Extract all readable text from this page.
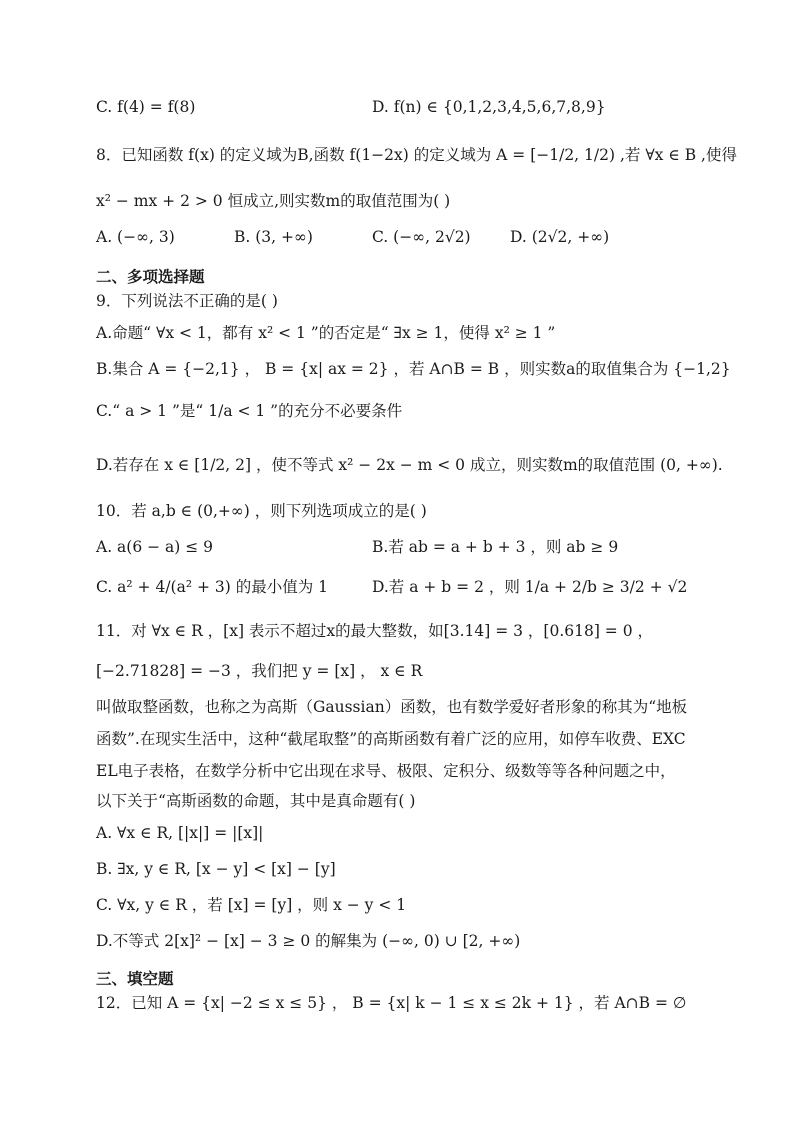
C. f(4) = f(8)	D. f(n) ∈ {0,1,2,3,4,5,6,7,8,9}
8．已知函数 f(x) 的定义域为B,函数 f(1−2x) 的定义域为 A = [−1/2, 1/2) ,若 ∀x ∈ B ,使得
x² − mx + 2 > 0 恒成立,则实数m的取值范围为( )
A. (−∞, 3)	B. (3, +∞)	C. (−∞, 2√2)	D. (2√2, +∞)
二、多项选择题
9．下列说法不正确的是( )
A.命题“ ∀x < 1，都有 x² < 1 ”的否定是“ ∃x ≥ 1，使得 x² ≥ 1 ”
B.集合 A = {−2,1} ， B = {x| ax = 2} ，若 A∩B = B ，则实数a的取值集合为 {−1,2}
C.“ a > 1 ”是“ 1/a < 1 ”的充分不必要条件
D.若存在 x ∈ [1/2, 2] ，使不等式 x² − 2x − m < 0 成立，则实数m的取值范围 (0, +∞).
10．若 a,b ∈ (0,+∞) ，则下列选项成立的是( )
A. a(6 − a) ≤ 9	B.若 ab = a + b + 3 ，则 ab ≥ 9
C. a² + 4/(a² + 3) 的最小值为 1	D.若 a + b = 2 ，则 1/a + 2/b ≥ 3/2 + √2
11．对 ∀x ∈ R ，[x] 表示不超过x的最大整数，如[3.14] = 3 ，[0.618] = 0 ，
[−2.71828] = −3 ，我们把 y = [x] ， x ∈ R
叫做取整函数，也称之为高斯（Gaussian）函数，也有数学爱好者形象的称其为“地板
函数”.在现实生活中，这种“截尾取整”的高斯函数有着广泛的应用，如停车收费、EXC
EL电子表格，在数学分析中它出现在求导、极限、定积分、级数等等各种问题之中，
以下关于“高斯函数的命题，其中是真命题有( )
A. ∀x ∈ R, [|x|] = |[x]|
B. ∃x, y ∈ R, [x − y] < [x] − [y]
C. ∀x, y ∈ R ，若 [x] = [y] ，则 x − y < 1
D.不等式 2[x]² − [x] − 3 ≥ 0 的解集为 (−∞, 0) ∪ [2, +∞)
三、填空题
12．已知 A = {x| −2 ≤ x ≤ 5} ， B = {x| k − 1 ≤ x ≤ 2k + 1} ，若 A∩B = ∅
